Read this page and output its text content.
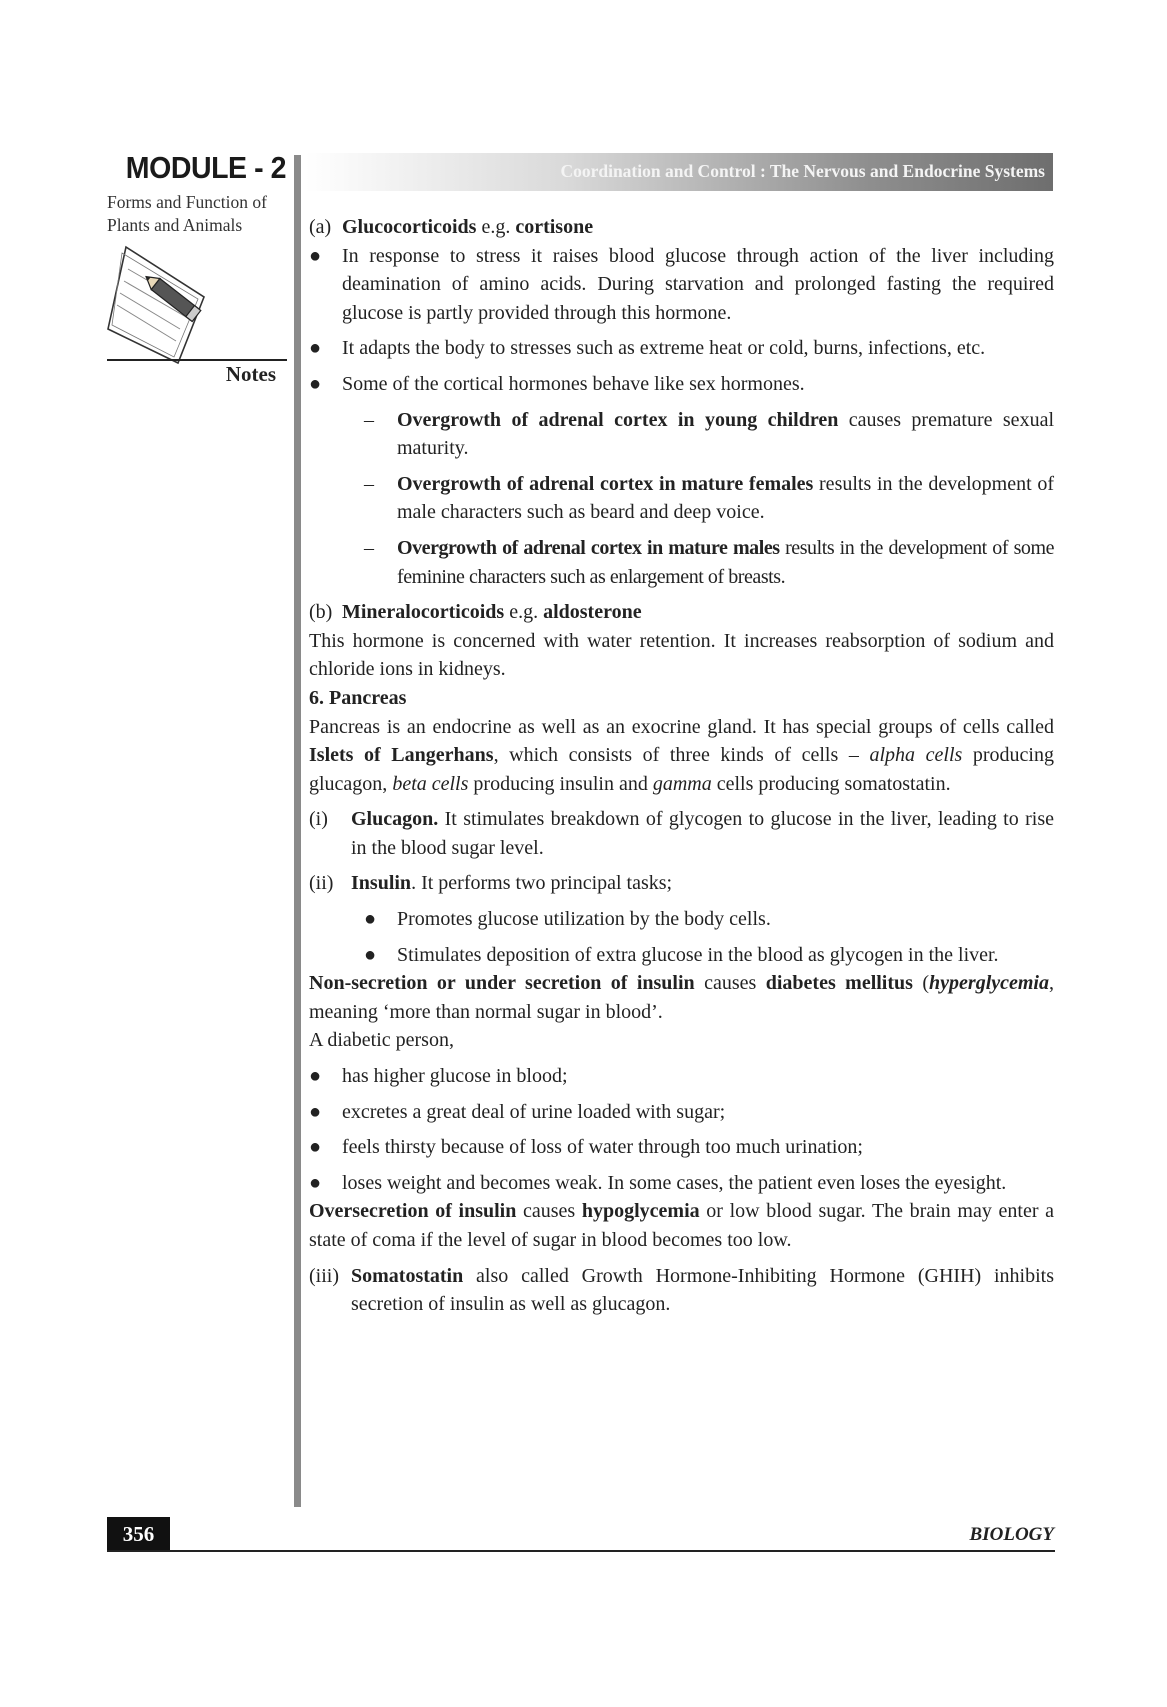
MODULE - 2
Forms and Function of
Plants and Animals
Notes
Coordination and Control : The Nervous and Endocrine Systems
(a) Glucocorticoids e.g. cortisone
●	In response to stress it raises blood glucose through action of the liver including deamination of amino acids. During starvation and prolonged fasting the required glucose is partly provided through this hormone.
●	It adapts the body to stresses such as extreme heat or cold, burns, infections, etc.
●	Some of the cortical hormones behave like sex hormones.
–	Overgrowth of adrenal cortex in young children causes premature sexual maturity.
–	Overgrowth of adrenal cortex in mature females results in the development of male characters such as beard and deep voice.
–	Overgrowth of adrenal cortex in mature males results in the development of some feminine characters such as enlargement of breasts.
(b) Mineralocorticoids e.g. aldosterone

This hormone is concerned with water retention. It increases reabsorption of sodium and chloride ions in kidneys.

6. Pancreas

Pancreas is an endocrine as well as an exocrine gland. It has special groups of cells called Islets of Langerhans, which consists of three kinds of cells – alpha cells producing glucagon, beta cells producing insulin and gamma cells producing somatostatin.

(i)	Glucagon. It stimulates breakdown of glycogen to glucose in the liver, leading to rise in the blood sugar level.
(ii) Insulin. It performs two principal tasks;
●	Promotes glucose utilization by the body cells.
●	Stimulates deposition of extra glucose in the blood as glycogen in the liver.

Non-secretion or under secretion of insulin causes diabetes mellitus (hyperglycemia, meaning ‘more than normal sugar in blood’.

A diabetic person,

●	has higher glucose in blood;
●	excretes a great deal of urine loaded with sugar;
●	feels thirsty because of loss of water through too much urination;
●	loses weight and becomes weak. In some cases, the patient even loses the eyesight.

Oversecretion of insulin causes hypoglycemia or low blood sugar. The brain may enter a state of coma if the level of sugar in blood becomes too low.

(iii) Somatostatin also called Growth Hormone-Inhibiting Hormone (GHIH) inhibits secretion of insulin as well as glucagon.
356	BIOLOGY
